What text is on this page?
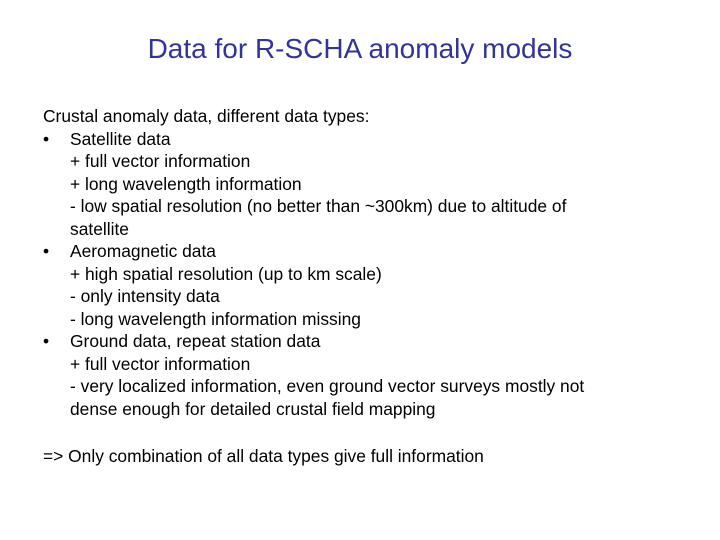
Data for R-SCHA anomaly models
Crustal anomaly data, different data types:
• Satellite data
+ full vector information
+ long wavelength information
- low spatial resolution (no better than ~300km) due to altitude of
satellite
• Aeromagnetic data
+ high spatial resolution (up to km scale)
- only intensity data
- long wavelength information missing
• Ground data, repeat station data
+ full vector information
- very localized information, even ground vector surveys mostly not
dense enough for detailed crustal field mapping
=> Only combination of all data types give full information
